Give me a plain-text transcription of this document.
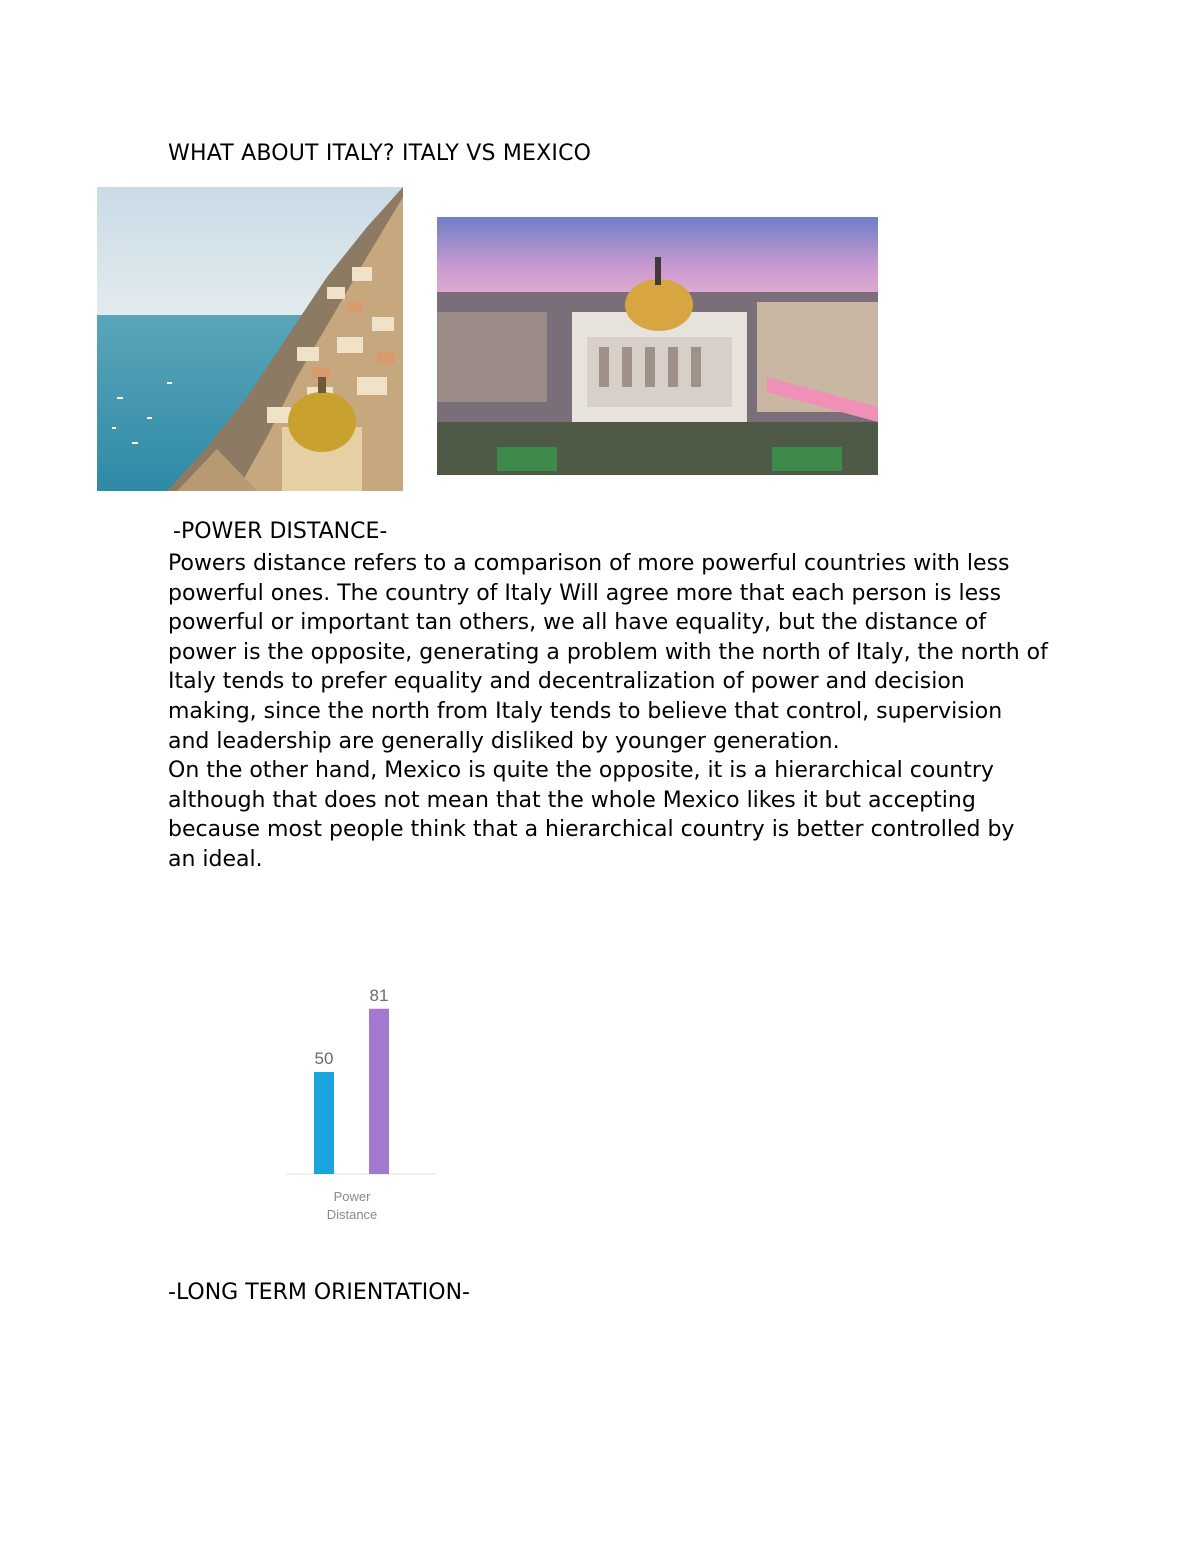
WHAT ABOUT ITALY? ITALY VS MEXICO
-POWER DISTANCE-

Powers distance refers to a comparison of more powerful countries with less powerful ones. The country of Italy Will agree more that each person is less powerful or important tan others, we all have equality, but the distance of power is the opposite, generating a problem with the north of Italy, the north of Italy tends to prefer equality and decentralization of power and decision making, since the north from Italy tends to believe that control, supervision and leadership are generally disliked by younger generation.

On the other hand, Mexico is quite the opposite, it is a hierarchical country although that does not mean that the whole Mexico likes it but accepting because most people think that a hierarchical country is better controlled by an ideal.

50
81
Power
Distance
-LONG TERM ORIENTATION-
